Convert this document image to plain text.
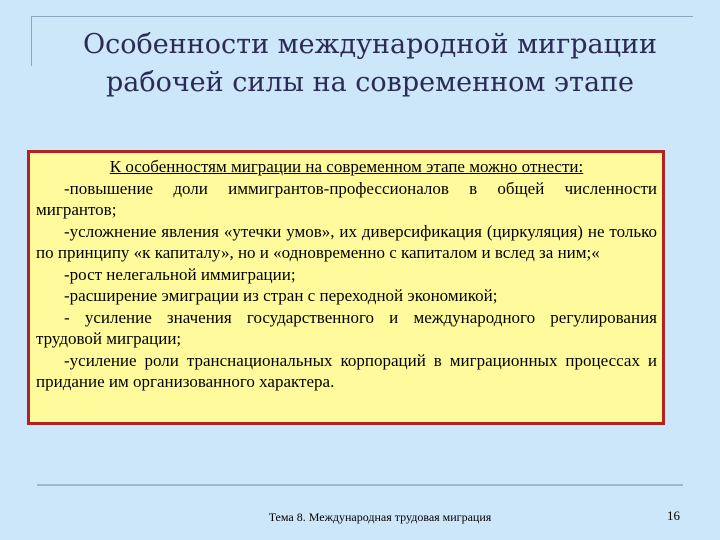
Особенности международной миграции
рабочей силы на современном этапе

К особенностям миграции на современном этапе можно отнести:

-повышение доли иммигрантов-профессионалов в общей численности мигрантов;

-усложнение явления «утечки умов», их диверсификация (циркуляция) не только по принципу «к капиталу», но и «одновременно с капиталом и вслед за ним;«

-рост нелегальной иммиграции;

-расширение эмиграции из стран с переходной экономикой;

- усиление значения государственного и международного регулирования трудовой миграции;

-усиление роли транснациональных корпораций в миграционных процессах и придание им организованного характера.

Тема 8. Международная трудовая миграция	16
